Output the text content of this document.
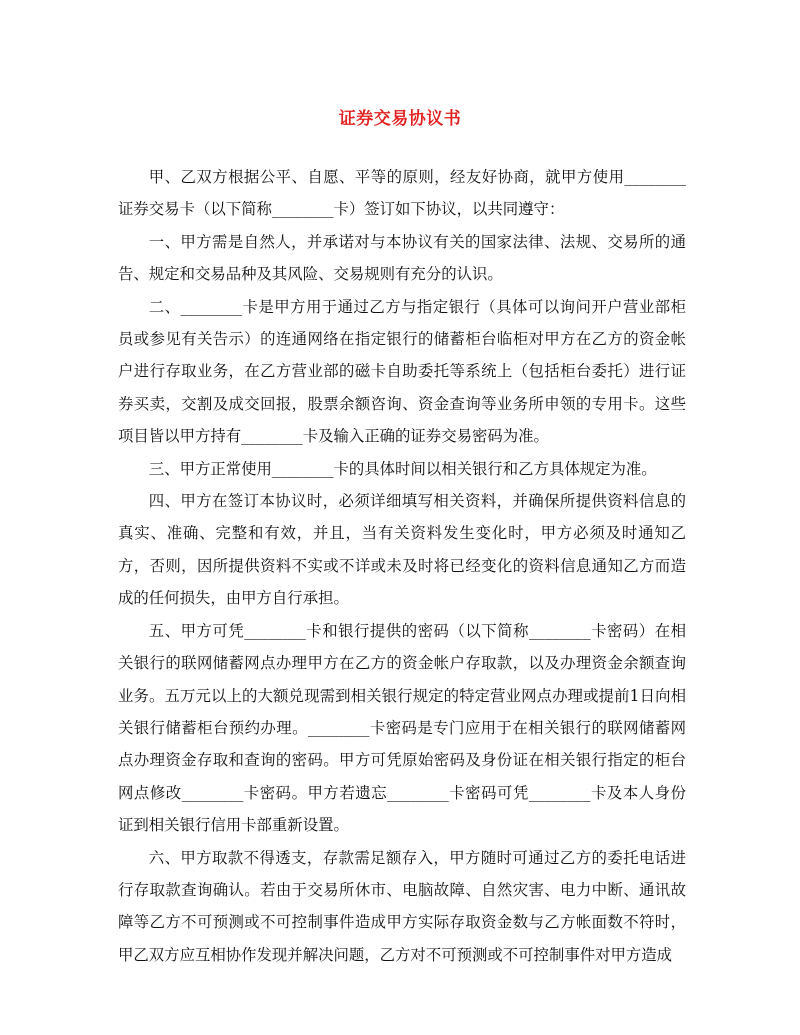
证券交易协议书

甲、乙双方根据公平、自愿、平等的原则，经友好协商，就甲方使用________证券交易卡（以下简称________卡）签订如下协议，以共同遵守：

一、甲方需是自然人，并承诺对与本协议有关的国家法律、法规、交易所的通告、规定和交易品种及其风险、交易规则有充分的认识。

二、________卡是甲方用于通过乙方与指定银行（具体可以询问开户营业部柜员或参见有关告示）的连通网络在指定银行的储蓄柜台临柜对甲方在乙方的资金帐户进行存取业务，在乙方营业部的磁卡自助委托等系统上（包括柜台委托）进行证券买卖，交割及成交回报，股票余额咨询、资金查询等业务所申领的专用卡。这些项目皆以甲方持有________卡及输入正确的证券交易密码为准。

三、甲方正常使用________卡的具体时间以相关银行和乙方具体规定为准。

四、甲方在签订本协议时，必须详细填写相关资料，并确保所提供资料信息的真实、准确、完整和有效，并且，当有关资料发生变化时，甲方必须及时通知乙方，否则，因所提供资料不实或不详或未及时将已经变化的资料信息通知乙方而造成的任何损失，由甲方自行承担。

五、甲方可凭________卡和银行提供的密码（以下简称________卡密码）在相关银行的联网储蓄网点办理甲方在乙方的资金帐户存取款，以及办理资金余额查询业务。五万元以上的大额兑现需到相关银行规定的特定营业网点办理或提前1日向相关银行储蓄柜台预约办理。________卡密码是专门应用于在相关银行的联网储蓄网点办理资金存取和查询的密码。甲方可凭原始密码及身份证在相关银行指定的柜台网点修改________卡密码。甲方若遗忘________卡密码可凭________卡及本人身份证到相关银行信用卡部重新设置。

六、甲方取款不得透支，存款需足额存入，甲方随时可通过乙方的委托电话进行存取款查询确认。若由于交易所休市、电脑故障、自然灾害、电力中断、通讯故障等乙方不可预测或不可控制事件造成甲方实际存取资金数与乙方帐面数不符时，甲乙双方应互相协作发现并解决问题，乙方对不可预测或不可控制事件对甲方造成
